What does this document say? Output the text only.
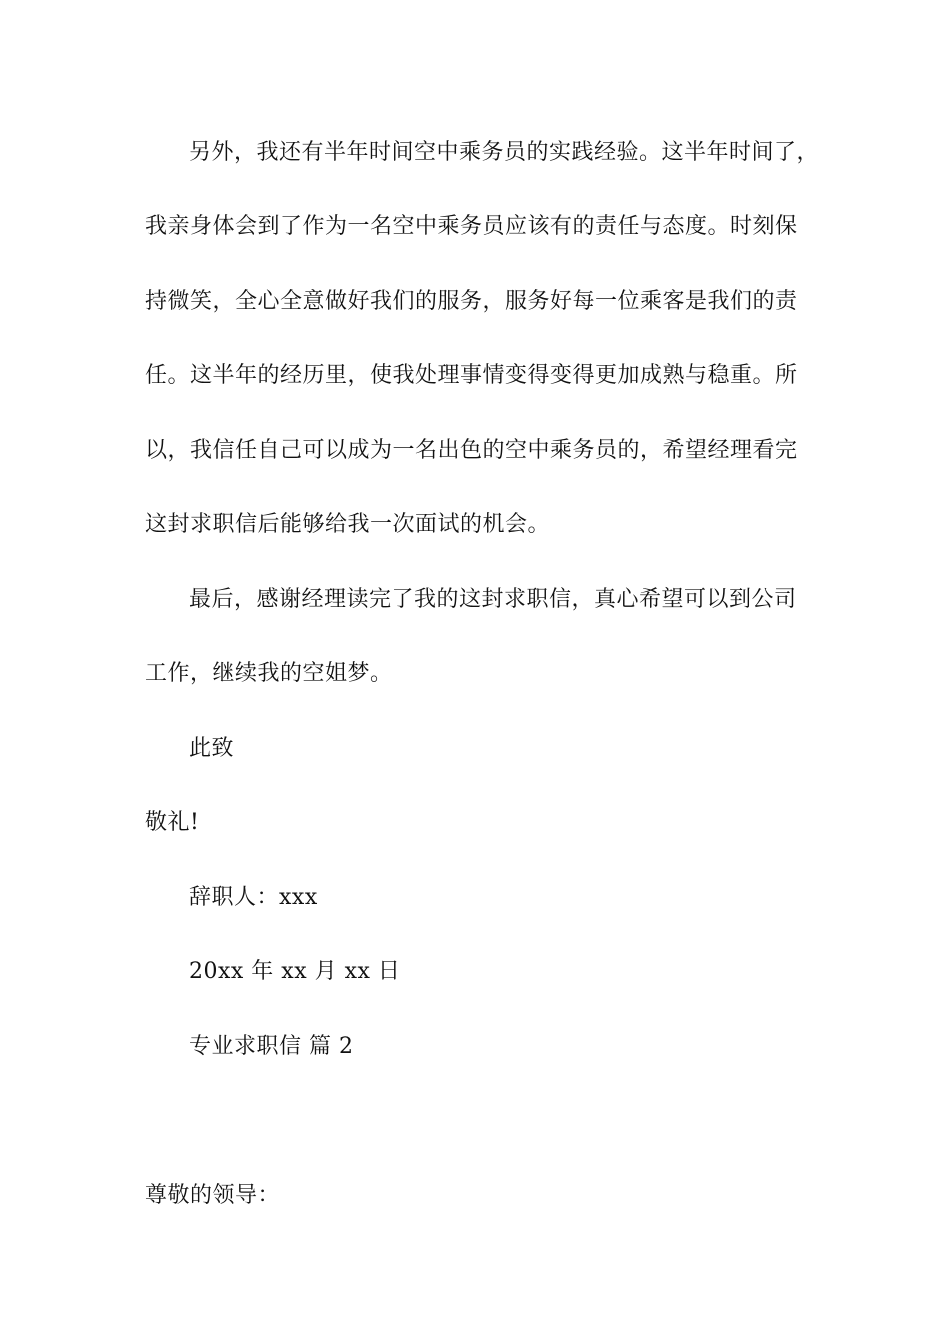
另外，我还有半年时间空中乘务员的实践经验。这半年时间了，
我亲身体会到了作为一名空中乘务员应该有的责任与态度。时刻保
持微笑，全心全意做好我们的服务，服务好每一位乘客是我们的责
任。这半年的经历里，使我处理事情变得变得更加成熟与稳重。所
以，我信任自己可以成为一名出色的空中乘务员的，希望经理看完
这封求职信后能够给我一次面试的机会。
最后，感谢经理读完了我的这封求职信，真心希望可以到公司
工作，继续我的空姐梦。
此致
敬礼!
辞职人：xxx
20xx 年 xx 月 xx 日
专业求职信 篇 2
尊敬的领导：
